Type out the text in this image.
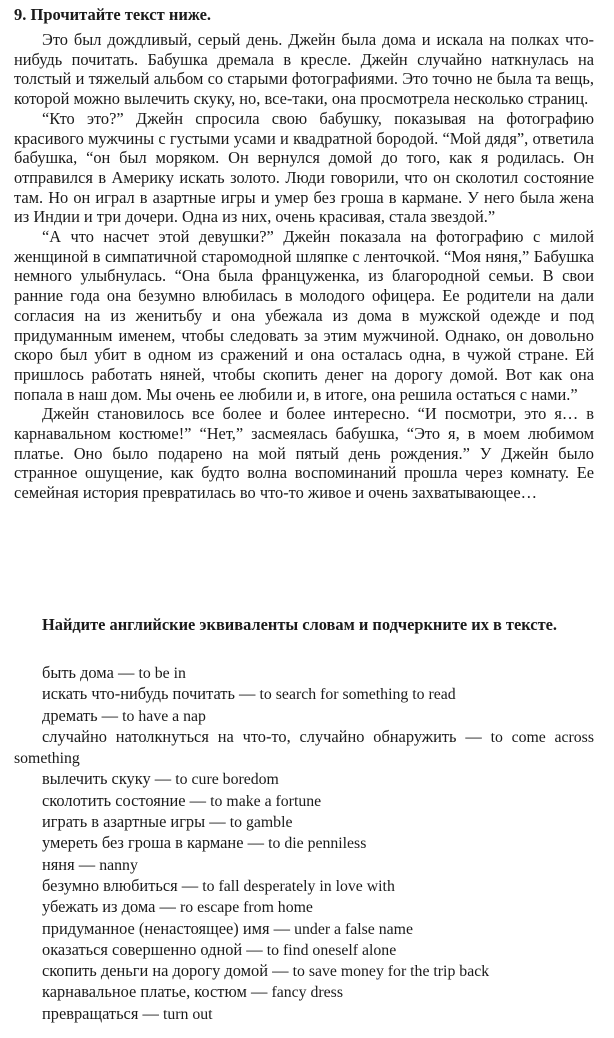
9. Прочитайте текст ниже.

Это был дождливый, серый день. Джейн была дома и искала на полках что-нибудь почитать. Бабушка дремала в кресле. Джейн случайно наткнулась на толстый и тяжелый альбом со старыми фотографиями. Это точно не была та вещь, которой можно вылечить скуку, но, все-таки, она просмотрела несколько страниц.

“Кто это?” Джейн спросила свою бабушку, показывая на фотографию красивого мужчины с густыми усами и квадратной бородой. “Мой дядя”, ответила бабушка, “он был моряком. Он вернулся домой до того, как я родилась. Он отправился в Америку искать золото. Люди говорили, что он сколотил состояние там. Но он играл в азартные игры и умер без гроша в кармане. У него была жена из Индии и три дочери. Одна из них, очень красивая, стала звездой.”

“А что насчет этой девушки?” Джейн показала на фотографию с милой женщиной в симпатичной старомодной шляпке с ленточкой. “Моя няня,” Бабушка немного улыбнулась. “Она была француженка, из благородной семьи. В свои ранние года она безумно влюбилась в молодого офицера. Ее родители на дали согласия на из женитьбу и она убежала из дома в мужской одежде и под придуманным именем, чтобы следовать за этим мужчиной. Однако, он довольно скоро был убит в одном из сражений и она осталась одна, в чужой стране. Ей пришлось работать няней, чтобы скопить денег на дорогу домой. Вот как она попала в наш дом. Мы очень ее любили и, в итоге, она решила остаться с нами.”

Джейн становилось все более и более интересно. “И посмотри, это я… в карнавальном костюме!” “Нет,” засмеялась бабушка, “Это я, в моем любимом платье. Оно было подарено на мой пятый день рождения.” У Джейн было странное ошущение, как будто волна воспоминаний прошла через комнату. Ее семейная история превратилась во что-то живое и очень захватывающее…

Найдите английские эквиваленты словам и подчеркните их в тексте.

быть дома — to be in
искать что-нибудь почитать — to search for something to read
дремать — to have a nap
случайно натолкнуться на что-то, случайно обнаружить — to come across something
вылечить скуку — to cure boredom
сколотить состояние — to make a fortune
играть в азартные игры — to gamble
умереть без гроша в кармане — to die penniless
няня — nanny
безумно влюбиться — to fall desperately in love with
убежать из дома — ro escape from home
придуманное (ненастоящее) имя — under a false name
оказаться совершенно одной — to find oneself alone
скопить деньги на дорогу домой — to save money for the trip back
карнавальное платье, костюм — fancy dress
превращаться — turn out
